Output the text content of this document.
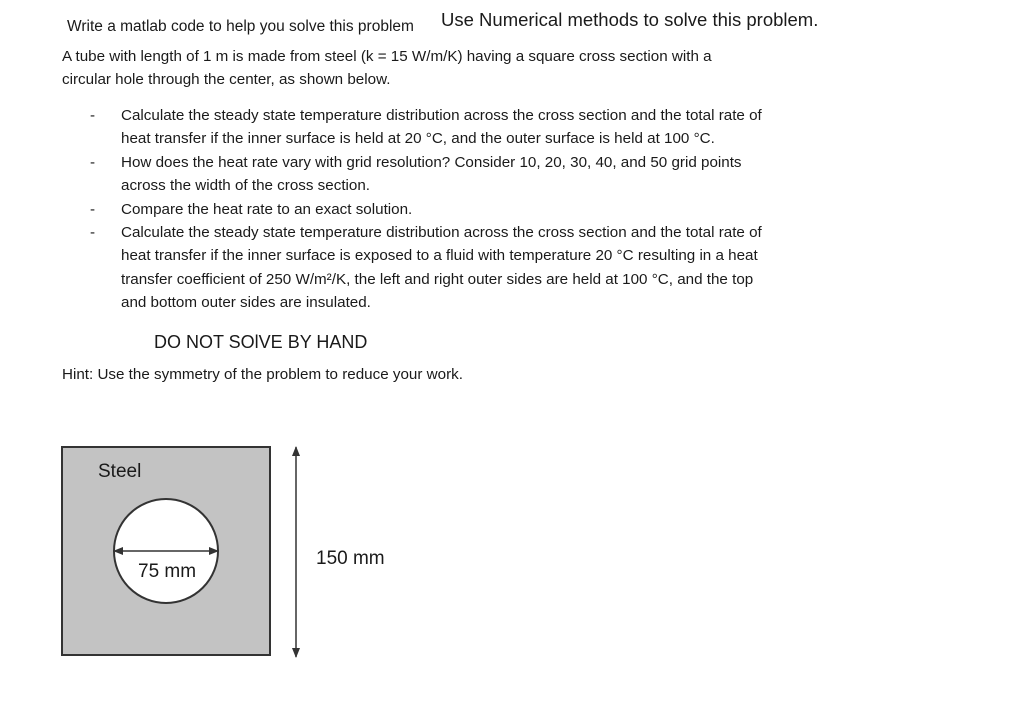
Write a matlab code to help you solve this problem Use Numerical methods to solve this problem.
A tube with length of 1 m is made from steel (k = 15 W/m/K) having a square cross section with a
circular hole through the center, as shown below.
- Calculate the steady state temperature distribution across the cross section and the total rate of
heat transfer if the inner surface is held at 20 °C, and the outer surface is held at 100 °C.
- How does the heat rate vary with grid resolution? Consider 10, 20, 30, 40, and 50 grid points
across the width of the cross section.
- Compare the heat rate to an exact solution.
- Calculate the steady state temperature distribution across the cross section and the total rate of
heat transfer if the inner surface is exposed to a fluid with temperature 20 °C resulting in a heat
transfer coefficient of 250 W/m²/K, the left and right outer sides are held at 100 °C, and the top
and bottom outer sides are insulated.
DO NOT SOlVE BY HAND
Hint: Use the symmetry of the problem to reduce your work.
Steel
75 mm
150 mm
